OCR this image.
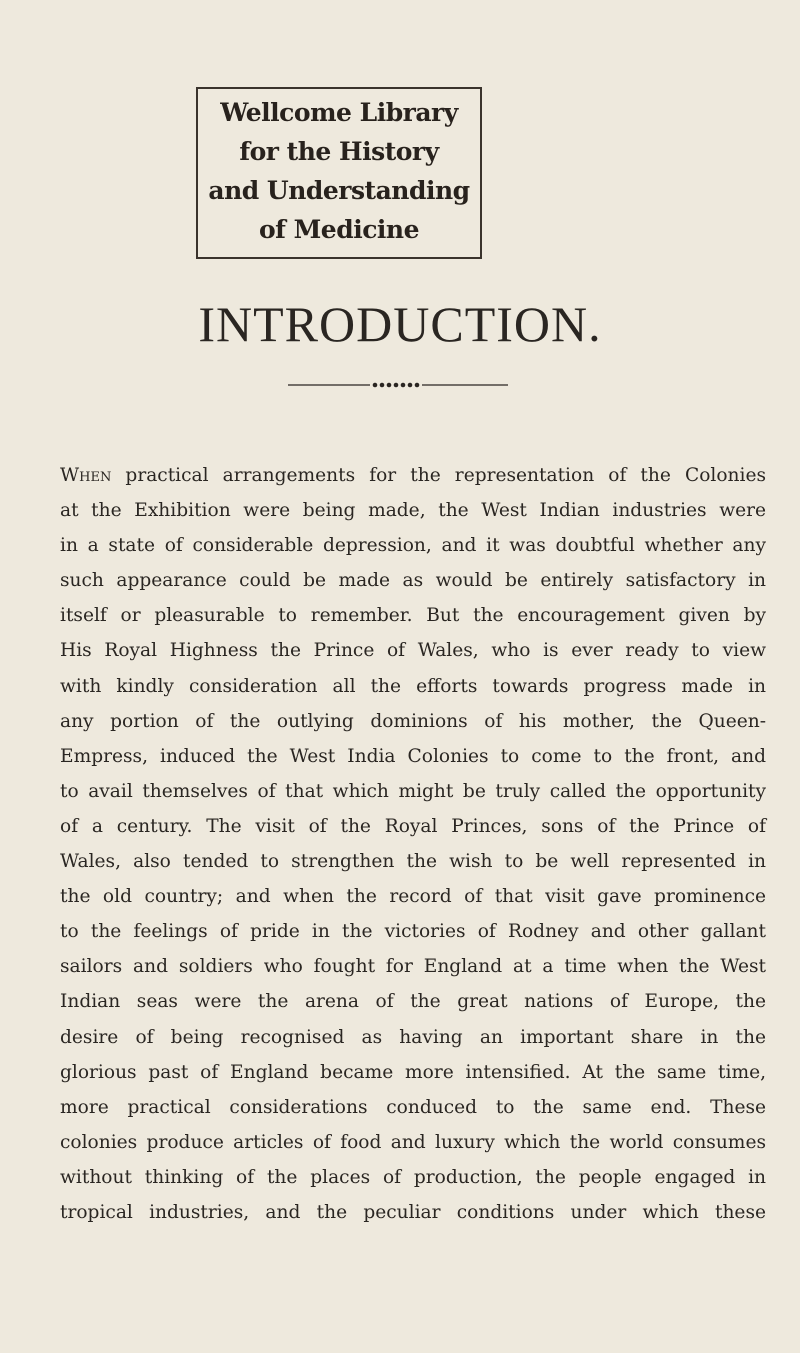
Wellcome Library
for the History
and Understanding
of Medicine
INTRODUCTION.
When practical arrangements for the representation of the Colonies
at the Exhibition were being made, the West Indian industries were
in a state of considerable depression, and it was doubtful whether any
such appearance could be made as would be entirely satisfactory in
itself or pleasurable to remember. But the encouragement given by
His Royal Highness the Prince of Wales, who is ever ready to view
with kindly consideration all the efforts towards progress made in
any portion of the outlying dominions of his mother, the Queen-
Empress, induced the West India Colonies to come to the front, and
to avail themselves of that which might be truly called the opportunity
of a century. The visit of the Royal Princes, sons of the Prince of
Wales, also tended to strengthen the wish to be well represented in
the old country; and when the record of that visit gave prominence
to the feelings of pride in the victories of Rodney and other gallant
sailors and soldiers who fought for England at a time when the West
Indian seas were the arena of the great nations of Europe, the
desire of being recognised as having an important share in the
glorious past of England became more intensified. At the same time,
more practical considerations conduced to the same end. These
colonies produce articles of food and luxury which the world consumes
without thinking of the places of production, the people engaged in
tropical industries, and the peculiar conditions under which these
